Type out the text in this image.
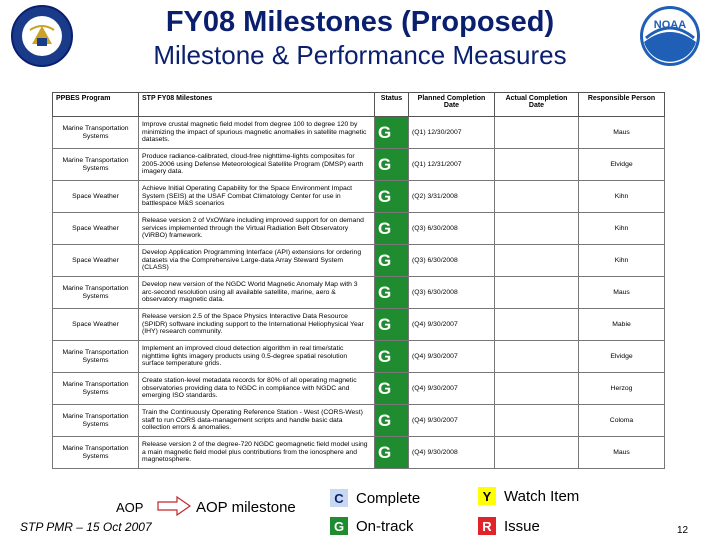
FY08 Milestones (Proposed)
Milestone & Performance Measures
NOAA
PPBES Program	STP FY08 Milestones	Status	Planned Completion Date	Actual Completion Date	Responsible Person
Marine Transportation Systems	Improve crustal magnetic field model from degree 100 to degree 120 by minimizing the impact of spurious magnetic anomalies in satellite magnetic datasets.	G	(Q1) 12/30/2007		Maus
Marine Transportation Systems	Produce radiance-calibrated, cloud-free nighttime-lights composites for 2005-2006 using Defense Meteorological Satellite Program (DMSP) earth imagery data.	G	(Q1) 12/31/2007		Elvidge
Space Weather	Achieve Initial Operating Capability for the Space Environment Impact System (SEIS) at the USAF Combat Climatology Center for use in battlespace M&S scenarios	G	(Q2) 3/31/2008		Kihn
Space Weather	Release version 2 of VxOWare including improved support for on demand services implemented through the Virtual Radiation Belt Observatory (ViRBO) framework.	G	(Q3) 6/30/2008		Kihn
Space Weather	Develop Application Programming Interface (API) extensions for ordering datasets via the Comprehensive Large-data Array Steward System (CLASS)	G	(Q3) 6/30/2008		Kihn
Marine Transportation Systems	Develop new version of the NGDC World Magnetic Anomaly Map with 3 arc-second resolution using all available satellite, marine, aero & observatory magnetic data.	G	(Q3) 6/30/2008		Maus
Space Weather	Release version 2.5 of the Space Physics Interactive Data Resource (SPIDR) software including support to the International Heliophysical Year (IHY) research community.	G	(Q4) 9/30/2007		Mabie
Marine Transportation Systems	Implement an improved cloud detection algorithm in real time/static nighttime lights imagery products using 0.5-degree spatial resolution surface temperature grids.	G	(Q4) 9/30/2007		Elvidge
Marine Transportation Systems	Create station-level metadata records for 80% of all operating magnetic observatories providing data to NGDC in compliance with NGDC and emerging ISO standards.	G	(Q4) 9/30/2007		Herzog
Marine Transportation Systems	Train the Continuously Operating Reference Station - West (CORS-West) staff to run CORS data-management scripts and handle basic data collection errors & anomalies.	G	(Q4) 9/30/2007		Coloma
Marine Transportation Systems	Release version 2 of the degree-720 NGDC geomagnetic field model using a main magnetic field model plus contributions from the ionosphere and magnetosphere.	G	(Q4) 9/30/2008		Maus
AOP	AOP milestone
C Complete
G On-track
Y Watch Item
R Issue
STP PMR – 15 Oct 2007	12
